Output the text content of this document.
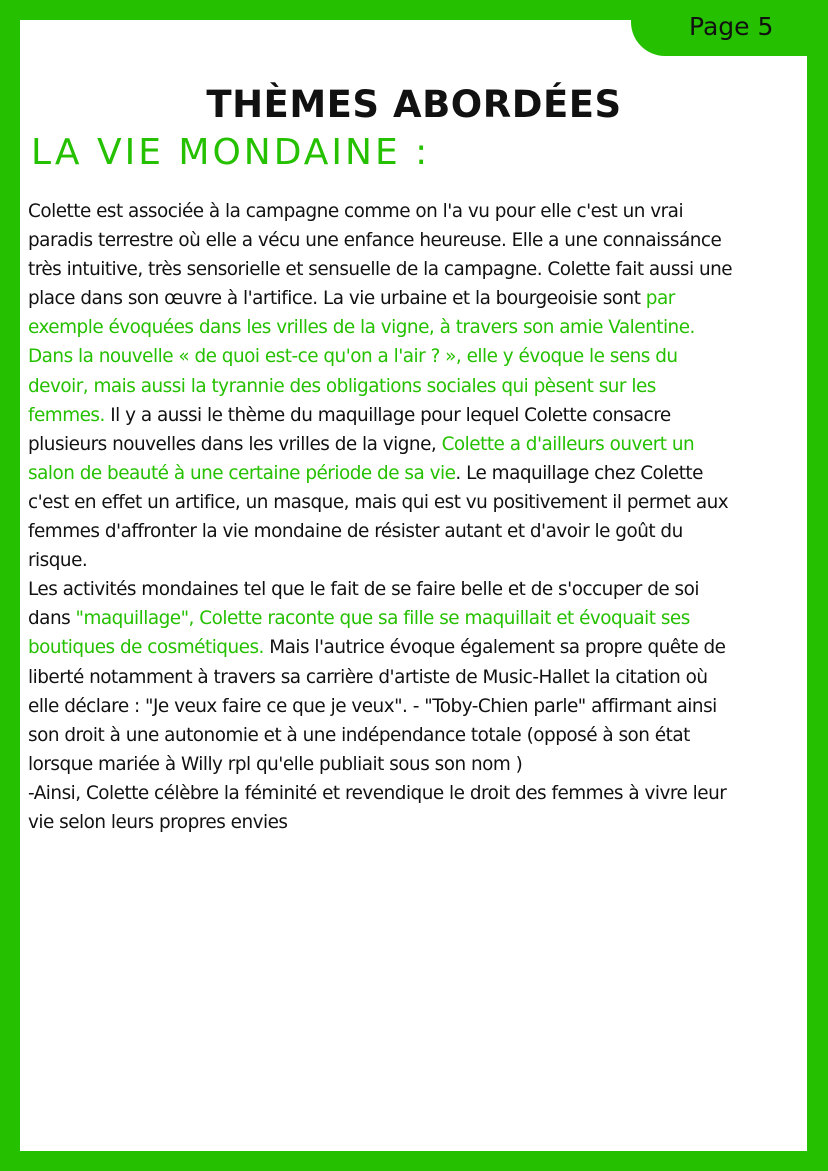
Page 5
THÈMES ABORDÉES
LA VIE MONDAINE :
Colette est associée à la campagne comme on l'a vu pour elle c'est un vrai
paradis terrestre où elle a vécu une enfance heureuse. Elle a une connaissánce
très intuitive, très sensorielle et sensuelle de la campagne. Colette fait aussi une
place dans son œuvre à l'artifice. La vie urbaine et la bourgeoisie sont par
exemple évoquées dans les vrilles de la vigne, à travers son amie Valentine.
Dans la nouvelle « de quoi est-ce qu'on a l'air ? », elle y évoque le sens du
devoir, mais aussi la tyrannie des obligations sociales qui pèsent sur les
femmes. Il y a aussi le thème du maquillage pour lequel Colette consacre
plusieurs nouvelles dans les vrilles de la vigne, Colette a d'ailleurs ouvert un
salon de beauté à une certaine période de sa vie. Le maquillage chez Colette
c'est en effet un artifice, un masque, mais qui est vu positivement il permet aux
femmes d'affronter la vie mondaine de résister autant et d'avoir le goût du
risque.
Les activités mondaines tel que le fait de se faire belle et de s'occuper de soi
dans "maquillage", Colette raconte que sa fille se maquillait et évoquait ses
boutiques de cosmétiques. Mais l'autrice évoque également sa propre quête de
liberté notamment à travers sa carrière d'artiste de Music-Hallet la citation où
elle déclare : "Je veux faire ce que je veux". - "Toby-Chien parle" affirmant ainsi
son droit à une autonomie et à une indépendance totale (opposé à son état
lorsque mariée à Willy rpl qu'elle publiait sous son nom )
-Ainsi, Colette célèbre la féminité et revendique le droit des femmes à vivre leur
vie selon leurs propres envies
